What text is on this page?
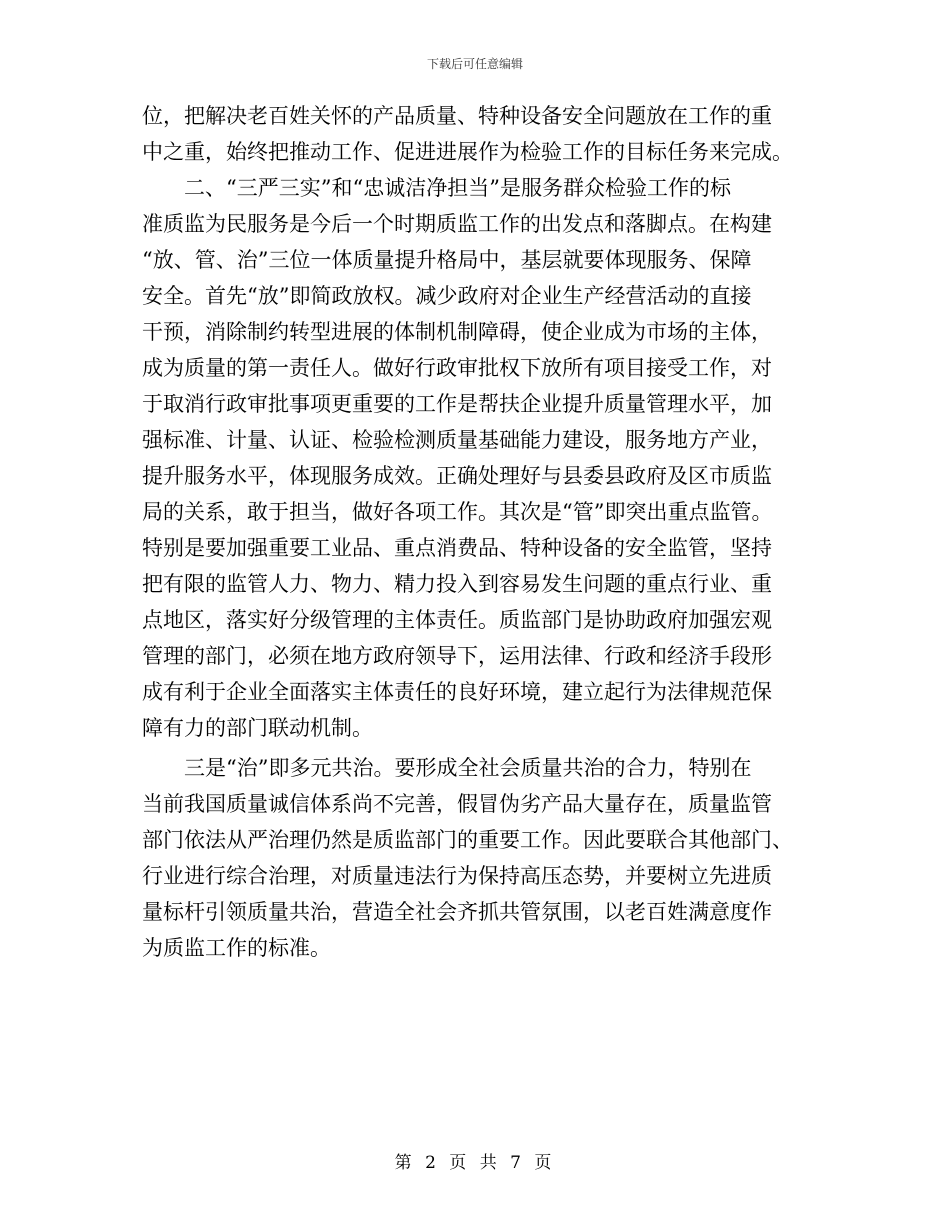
下载后可任意编辑
位，把解决老百姓关怀的产品质量、特种设备安全问题放在工作的重
中之重，始终把推动工作、促进进展作为检验工作的目标任务来完成。
二、“三严三实”和“忠诚洁净担当”是服务群众检验工作的标
准质监为民服务是今后一个时期质监工作的出发点和落脚点。在构建
“放、管、治”三位一体质量提升格局中，基层就要体现服务、保障
安全。首先“放”即简政放权。减少政府对企业生产经营活动的直接
干预，消除制约转型进展的体制机制障碍，使企业成为市场的主体，
成为质量的第一责任人。做好行政审批权下放所有项目接受工作，对
于取消行政审批事项更重要的工作是帮扶企业提升质量管理水平，加
强标准、计量、认证、检验检测质量基础能力建设，服务地方产业，
提升服务水平，体现服务成效。正确处理好与县委县政府及区市质监
局的关系，敢于担当，做好各项工作。其次是“管”即突出重点监管。
特别是要加强重要工业品、重点消费品、特种设备的安全监管，坚持
把有限的监管人力、物力、精力投入到容易发生问题的重点行业、重
点地区，落实好分级管理的主体责任。质监部门是协助政府加强宏观
管理的部门，必须在地方政府领导下，运用法律、行政和经济手段形
成有利于企业全面落实主体责任的良好环境，建立起行为法律规范保
障有力的部门联动机制。
三是“治”即多元共治。要形成全社会质量共治的合力，特别在
当前我国质量诚信体系尚不完善，假冒伪劣产品大量存在，质量监管
部门依法从严治理仍然是质监部门的重要工作。因此要联合其他部门、
行业进行综合治理，对质量违法行为保持高压态势，并要树立先进质
量标杆引领质量共治，营造全社会齐抓共管氛围，以老百姓满意度作
为质监工作的标准。
第 2 页 共 7 页
